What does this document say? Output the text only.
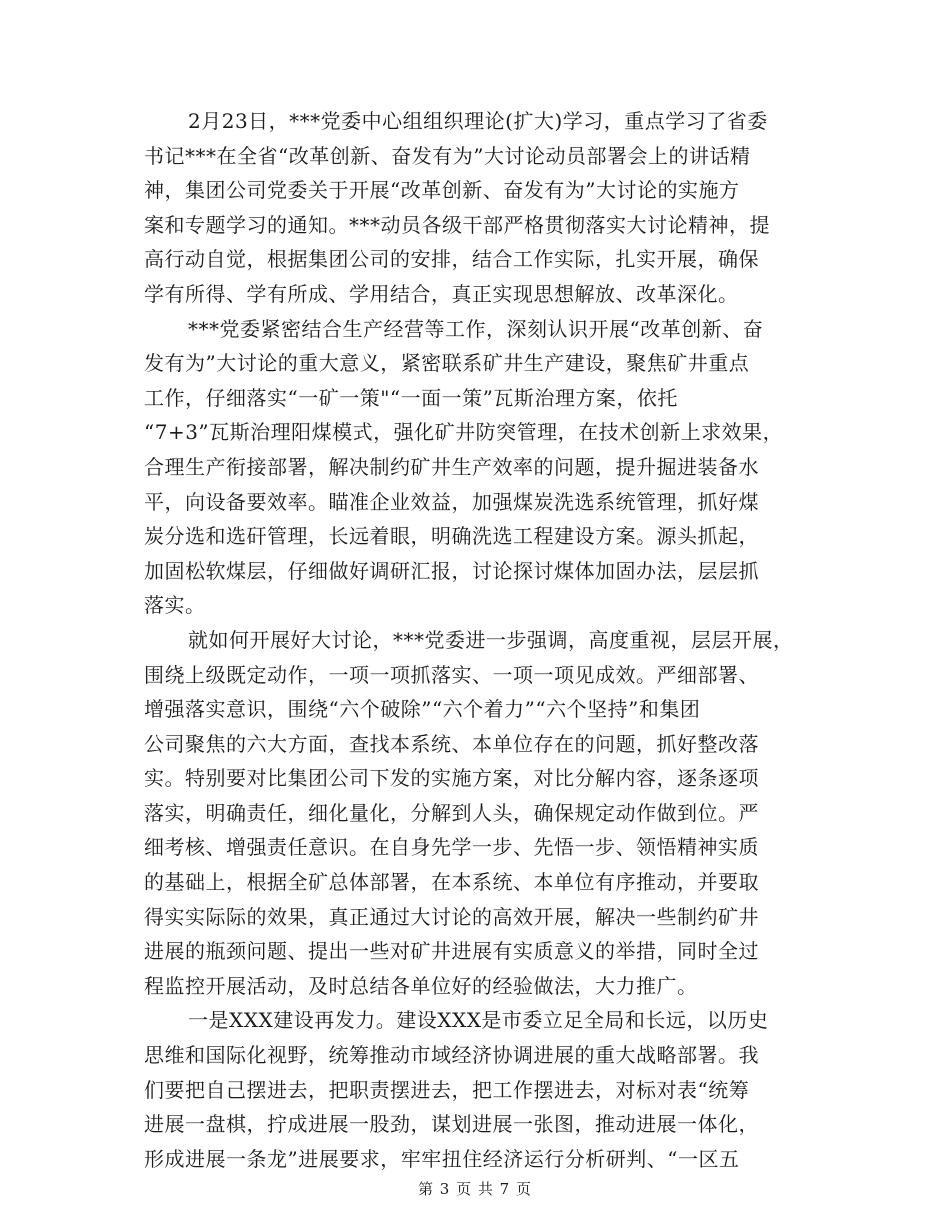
2月23日，***党委中心组组织理论(扩大)学习，重点学习了省委
书记***在全省“改革创新、奋发有为”大讨论动员部署会上的讲话精
神，集团公司党委关于开展“改革创新、奋发有为”大讨论的实施方
案和专题学习的通知。***动员各级干部严格贯彻落实大讨论精神，提
高行动自觉，根据集团公司的安排，结合工作实际，扎实开展，确保
学有所得、学有所成、学用结合，真正实现思想解放、改革深化。
***党委紧密结合生产经营等工作，深刻认识开展“改革创新、奋
发有为”大讨论的重大意义，紧密联系矿井生产建设，聚焦矿井重点
工作，仔细落实“一矿一策"“一面一策”瓦斯治理方案，依托
“7+3”瓦斯治理阳煤模式，强化矿井防突管理，在技术创新上求效果，
合理生产衔接部署，解决制约矿井生产效率的问题，提升掘进装备水
平，向设备要效率。瞄准企业效益，加强煤炭洗选系统管理，抓好煤
炭分选和选矸管理，长远着眼，明确洗选工程建设方案。源头抓起，
加固松软煤层，仔细做好调研汇报，讨论探讨煤体加固办法，层层抓
落实。
就如何开展好大讨论，***党委进一步强调，高度重视，层层开展，
围绕上级既定动作，一项一项抓落实、一项一项见成效。严细部署、
增强落实意识，围绕“六个破除”“六个着力”“六个坚持”和集团
公司聚焦的六大方面，查找本系统、本单位存在的问题，抓好整改落
实。特别要对比集团公司下发的实施方案，对比分解内容，逐条逐项
落实，明确责任，细化量化，分解到人头，确保规定动作做到位。严
细考核、增强责任意识。在自身先学一步、先悟一步、领悟精神实质
的基础上，根据全矿总体部署，在本系统、本单位有序推动，并要取
得实实际际的效果，真正通过大讨论的高效开展，解决一些制约矿井
进展的瓶颈问题、提出一些对矿井进展有实质意义的举措，同时全过
程监控开展活动，及时总结各单位好的经验做法，大力推广。
一是XXX建设再发力。建设XXX是市委立足全局和长远，以历史
思维和国际化视野，统筹推动市域经济协调进展的重大战略部署。我
们要把自己摆进去，把职责摆进去，把工作摆进去，对标对表“统筹
进展一盘棋，拧成进展一股劲，谋划进展一张图，推动进展一体化，
形成进展一条龙”进展要求，牢牢扭住经济运行分析研判、“一区五
第 3 页 共 7 页
